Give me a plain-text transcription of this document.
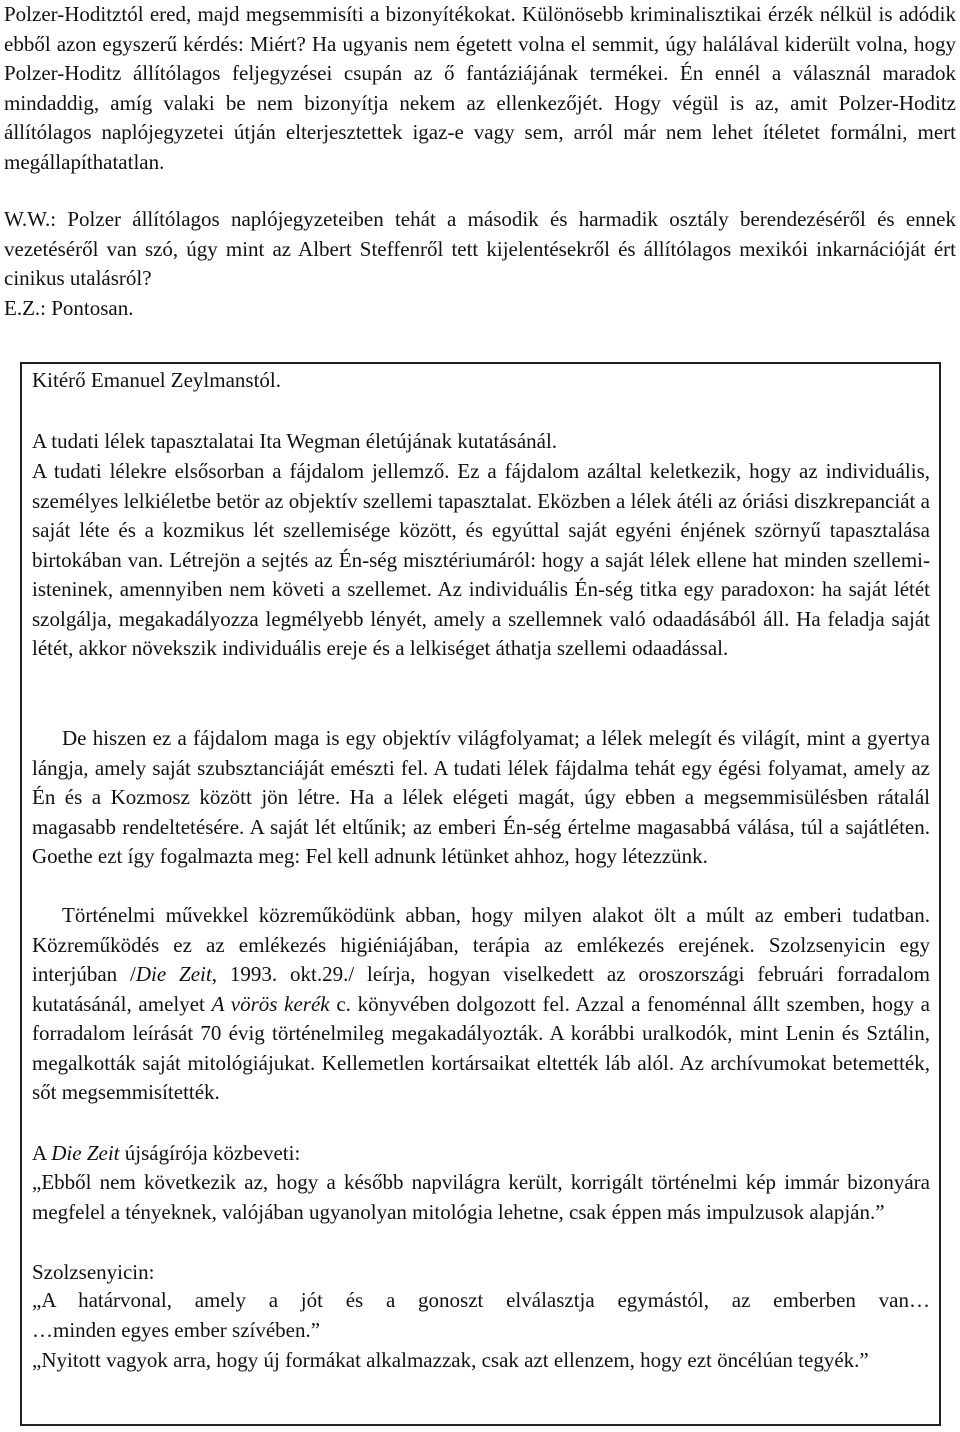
Polzer-Hoditztól ered, majd megsemmisíti a bizonyítékokat. Különösebb kriminalisztikai érzék nélkül is adódik ebből azon egyszerű kérdés: Miért? Ha ugyanis nem égetett volna el semmit, úgy halálával kiderült volna, hogy Polzer-Hoditz állítólagos feljegyzései csupán az ő fantáziájának termékei. Én ennél a válasznál maradok mindaddig, amíg valaki be nem bizonyítja nekem az ellenkezőjét. Hogy végül is az, amit Polzer-Hoditz állítólagos naplójegyzetei útján elterjesztettek igaz-e vagy sem, arról már nem lehet ítéletet formálni, mert megállapíthatatlan.

W.W.: Polzer állítólagos naplójegyzeteiben tehát a második és harmadik osztály berendezéséről és ennek vezetéséről van szó, úgy mint az Albert Steffenről tett kijelentésekről és állítólagos mexikói inkarnációját ért cinikus utalásról?

E.Z.: Pontosan.

Kitérő Emanuel Zeylmanstól.

A tudati lélek tapasztalatai Ita Wegman életújának kutatásánál.

A tudati lélekre elsősorban a fájdalom jellemző. Ez a fájdalom azáltal keletkezik, hogy az individuális, személyes lelkiéletbe betör az objektív szellemi tapasztalat. Eközben a lélek átéli az óriási diszkrepanciát a saját léte és a kozmikus lét szellemisége között, és egyúttal saját egyéni énjének szörnyű tapasztalása birtokában van. Létrejön a sejtés az Én-ség misztériumáról: hogy a saját lélek ellene hat minden szellemi-isteninek, amennyiben nem követi a szellemet. Az individuális Én-ség titka egy paradoxon: ha saját létét szolgálja, megakadályozza legmélyebb lényét, amely a szellemnek való odaadásából áll. Ha feladja saját létét, akkor növekszik individuális ereje és a lelkiséget áthatja szellemi odaadással.

De hiszen ez a fájdalom maga is egy objektív világfolyamat; a lélek melegít és világít, mint a gyertya lángja, amely saját szubsztanciáját emészti fel. A tudati lélek fájdalma tehát egy égési folyamat, amely az Én és a Kozmosz között jön létre. Ha a lélek elégeti magát, úgy ebben a megsemmisülésben rátalál magasabb rendeltetésére. A saját lét eltűnik; az emberi Én-ség értelme magasabbá válása, túl a sajátléten. Goethe ezt így fogalmazta meg: Fel kell adnunk létünket ahhoz, hogy létezzünk.

Történelmi művekkel közreműködünk abban, hogy milyen alakot ölt a múlt az emberi tudatban. Közreműködés ez az emlékezés higiéniájában, terápia az emlékezés erejének. Szolzsenyicin egy interjúban /Die Zeit, 1993. okt.29./ leírja, hogyan viselkedett az oroszországi februári forradalom kutatásánál, amelyet A vörös kerék c. könyvében dolgozott fel. Azzal a fenoménnal állt szemben, hogy a forradalom leírását 70 évig történelmileg megakadályozták. A korábbi uralkodók, mint Lenin és Sztálin, megalkották saját mitológiájukat. Kellemetlen kortársaikat eltették láb alól. Az archívumokat betemették, sőt megsemmisítették.

A Die Zeit újságírója közbeveti:

„Ebből nem következik az, hogy a később napvilágra került, korrigált történelmi kép immár bizonyára megfelel a tényeknek, valójában ugyanolyan mitológia lehetne, csak éppen más impulzusok alapján.”

Szolzsenyicin:

„A határvonal, amely a jót és a gonoszt elválasztja egymástól, az emberben van…
…minden egyes ember szívében.”

„Nyitott vagyok arra, hogy új formákat alkalmazzak, csak azt ellenzem, hogy ezt öncélúan tegyék.”
